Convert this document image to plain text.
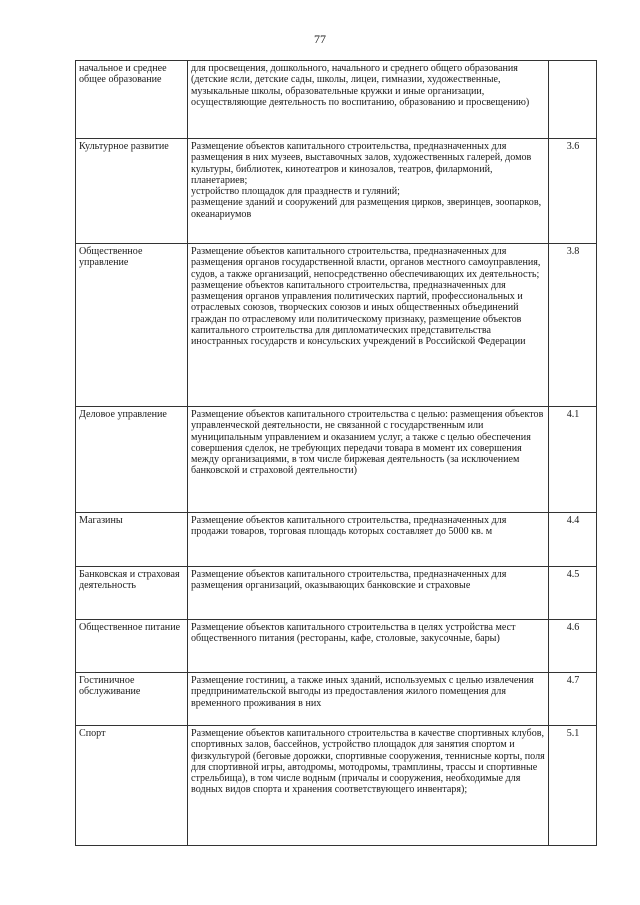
77
начальное и среднее общее образование	для просвещения, дошкольного, начального и среднего общего образования (детские ясли, детские сады, школы, лицеи, гимназии, художественные, музыкальные школы, образовательные кружки и иные организации, осуществляющие деятельность по воспитанию, образованию и просвещению)	

Культурное развитие	Размещение объектов капитального строительства, предназначенных для размещения в них музеев, выставочных залов, художественных галерей, домов культуры, библиотек, кинотеатров и кинозалов, театров, филармоний, планетариев;
устройство площадок для празднеств и гуляний;
размещение зданий и сооружений для размещения цирков, зверинцев, зоопарков, океанариумов	3.6
Общественное управление	Размещение объектов капитального строительства, предназначенных для размещения органов государственной власти, органов местного самоуправления, судов, а также организаций, непосредственно обеспечивающих их деятельность; размещение объектов капитального строительства, предназначенных для размещения органов управления политических партий, профессиональных и отраслевых союзов, творческих союзов и иных общественных объединений граждан по отраслевому или политическому признаку, размещение объектов капитального строительства для дипломатических представительства иностранных государств и консульских учреждений в Российской Федерации	3.8
Деловое управление	Размещение объектов капитального строительства с целью: размещения объектов управленческой деятельности, не связанной с государственным или муниципальным управлением и оказанием услуг, а также с целью обеспечения совершения сделок, не требующих передачи товара в момент их совершения между организациями, в том числе биржевая деятельность (за исключением банковской и страховой деятельности)	4.1
Магазины	Размещение объектов капитального строительства, предназначенных для продажи товаров, торговая площадь которых составляет до 5000 кв. м	4.4
Банковская и страховая деятельность	Размещение объектов капитального строительства, предназначенных для размещения организаций, оказывающих банковские и страховые	4.5
Общественное питание	Размещение объектов капитального строительства в целях устройства мест общественного питания (рестораны, кафе, столовые, закусочные, бары)	4.6
Гостиничное обслуживание	Размещение гостиниц, а также иных зданий, используемых с целью извлечения предпринимательской выгоды из предоставления жилого помещения для временного проживания в них	4.7
Спорт	Размещение объектов капитального строительства в качестве спортивных клубов, спортивных залов, бассейнов, устройство площадок для занятия спортом и физкультурой (беговые дорожки, спортивные сооружения, теннисные корты, поля для спортивной игры, автодромы, мотодромы, трамплины, трассы и спортивные стрельбища), в том числе водным (причалы и сооружения, необходимые для водных видов спорта и хранения соответствующего инвентаря);	5.1
